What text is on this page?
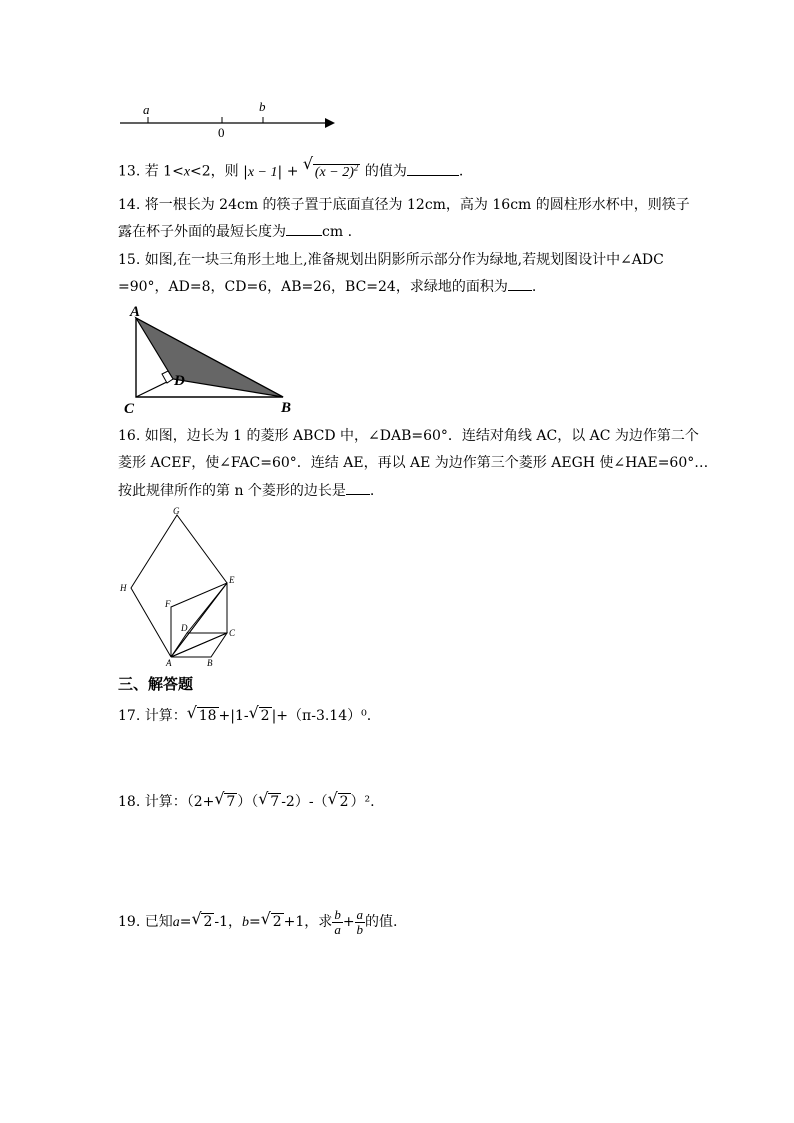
a	b
0
13. 若 1<x<2，则 |x − 1| + √ $(x - 2)^2$ 的值为	.
14. 将一根长为 24cm 的筷子置于底面直径为 12cm，高为 16cm 的圆柱形水杯中，则筷子
露在杯子外面的最短长度为	cm .
15. 如图,在一块三角形土地上,准备规划出阴影所示部分作为绿地,若规划图设计中∠ADC
=90°，AD=8，CD=6，AB=26，BC=24，求绿地的面积为 .
A
D
C	B
16. 如图，边长为 1 的菱形 ABCD 中，∠DAB=60°．连结对角线 AC，以 AC 为边作第二个
菱形 ACEF，使∠FAC=60°．连结 AE，再以 AE 为边作第三个菱形 AEGH 使∠HAE=60°…
按此规律所作的第 n 个菱形的边长是 .
G
H
E
F
D	C
A	B
三、解答题
17. 计算： √ 18 +|1- √ 2 |+（π-3.14）⁰.
18. 计算：（2+ √ 7 ）（ √ 7 -2）-（ √ 2 ）².
19. 已知a= √ 2 -1，b= √ 2 +1，求 $\frac{b}{a} + \frac{a}{b}$ 的值.
